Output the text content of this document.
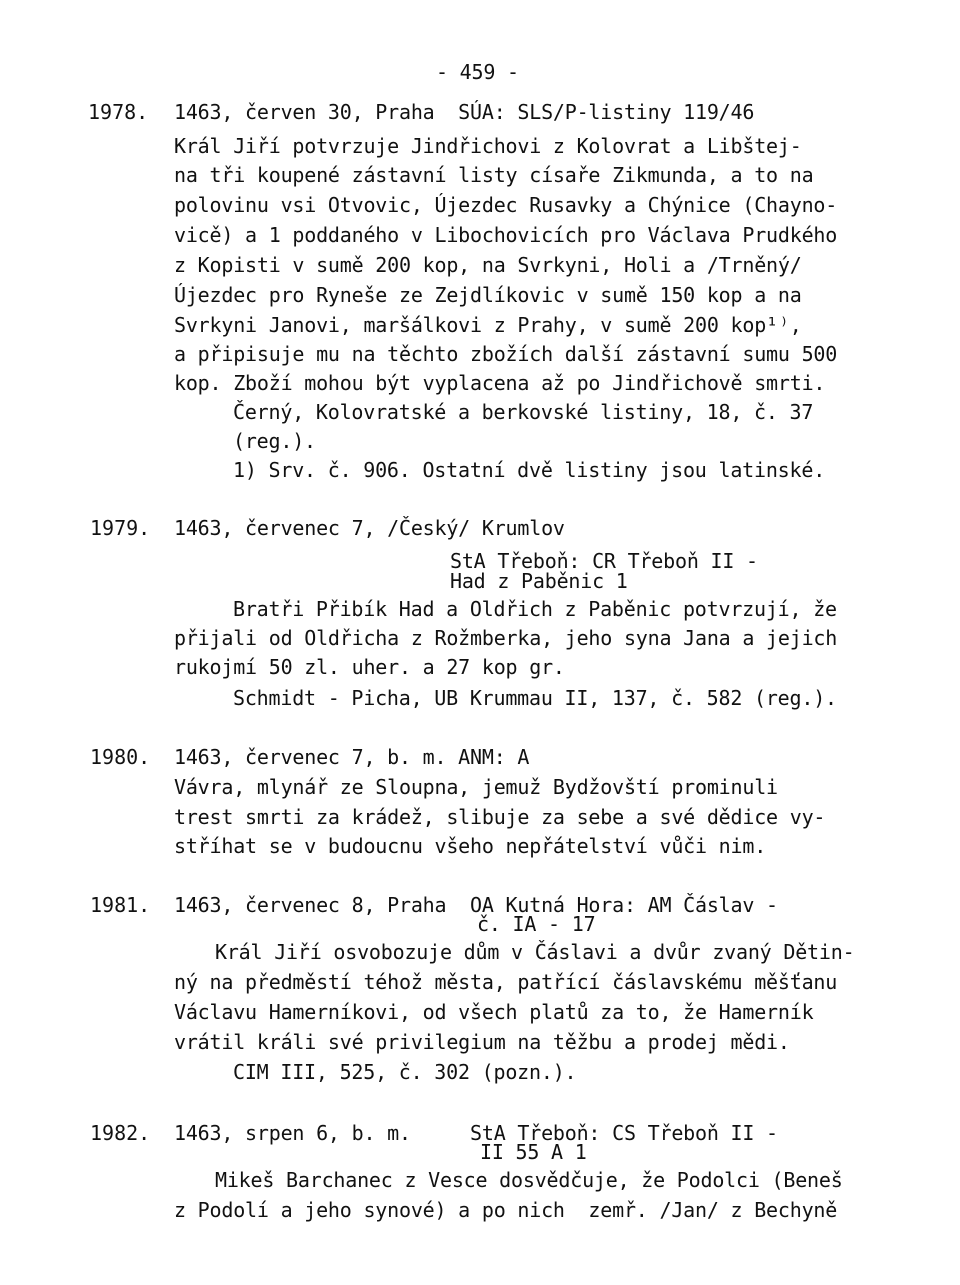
- 459 -
1978. 1463, červen 30, Praha  SÚA: SLS/P-listiny 119/46
Král Jiří potvrzuje Jindřichovi z Kolovrat a Libštej-
na tři koupené zástavní listy císaře Zikmunda, a to na
polovinu vsi Otvovic, Újezdec Rusavky a Chýnice (Chayno-
vicě) a 1 poddaného v Libochovicích pro Václava Prudkého
z Kopisti v sumě 200 kop, na Svrkyni, Holi a /Trněný/
Újezdec pro Ryneše ze Zejdlíkovic v sumě 150 kop a na
Svrkyni Janovi, maršálkovi z Prahy, v sumě 200 kop¹⁾,
a připisuje mu na těchto zbožích další zástavní sumu 500
kop. Zboží mohou být vyplacena až po Jindřichově smrti.
Černý, Kolovratské a berkovské listiny, 18, č. 37
(reg.).
1) Srv. č. 906. Ostatní dvě listiny jsou latinské.
1979. 1463, červenec 7, /Český/ Krumlov
StA Třeboň: CR Třeboň II -
Had z Paběnic 1
Bratři Přibík Had a Oldřich z Paběnic potvrzují, že
přijali od Oldřicha z Rožmberka, jeho syna Jana a jejich
rukojmí 50 zl. uher. a 27 kop gr.
Schmidt - Picha, UB Krummau II, 137, č. 582 (reg.).
1980. 1463, červenec 7, b. m. ANM: A
Vávra, mlynář ze Sloupna, jemuž Bydžovští prominuli
trest smrti za krádež, slibuje za sebe a své dědice vy-
stříhat se v budoucnu všeho nepřátelství vůči nim.
1981. 1463, červenec 8, Praha  OA Kutná Hora: AM Čáslav -
č. IA - 17
Král Jiří osvobozuje dům v Čáslavi a dvůr zvaný Dětin-
ný na předměstí téhož města, patřící čáslavskému měšťanu
Václavu Hamerníkovi, od všech platů za to, že Hamerník
vrátil králi své privilegium na těžbu a prodej mědi.
CIM III, 525, č. 302 (pozn.).
1982. 1463, srpen 6, b. m.     StA Třeboň: CS Třeboň II -
II 55 A 1
Mikeš Barchanec z Vesce dosvědčuje, že Podolci (Beneš
z Podolí a jeho synové) a po nich  zemř. /Jan/ z Bechyně
